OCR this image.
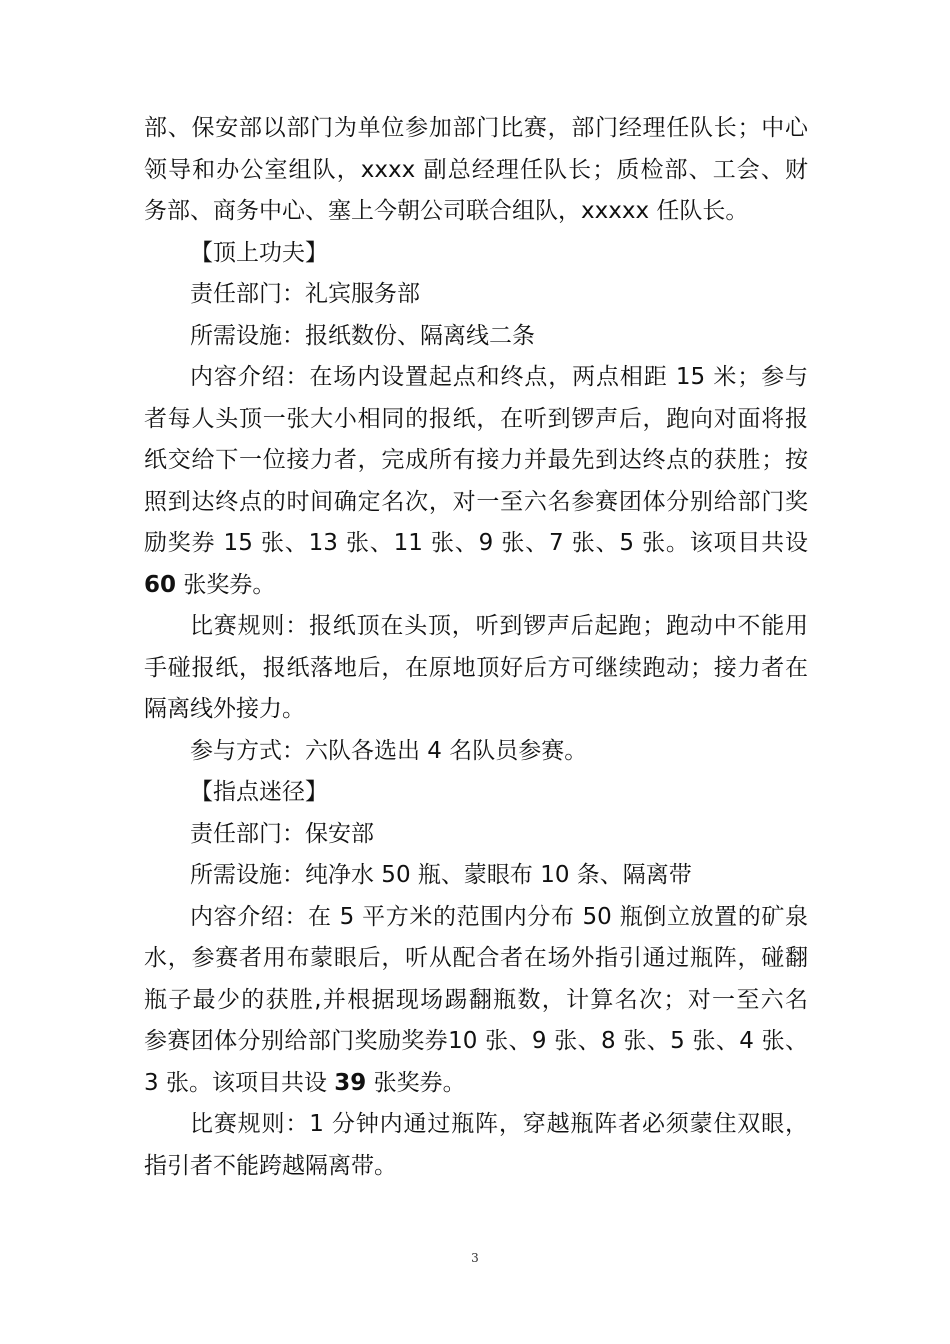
部、保安部以部门为单位参加部门比赛，部门经理任队长；中心
领导和办公室组队，xxxx 副总经理任队长；质检部、工会、财
务部、商务中心、塞上今朝公司联合组队，xxxxx 任队长。
【顶上功夫】
责任部门：礼宾服务部
所需设施：报纸数份、隔离线二条
内容介绍：在场内设置起点和终点，两点相距 15 米；参与
者每人头顶一张大小相同的报纸，在听到锣声后，跑向对面将报
纸交给下一位接力者，完成所有接力并最先到达终点的获胜；按
照到达终点的时间确定名次，对一至六名参赛团体分别给部门奖
励奖券 15 张、13 张、11 张、9 张、7 张、5 张。该项目共设
60 张奖券。
比赛规则：报纸顶在头顶，听到锣声后起跑；跑动中不能用
手碰报纸，报纸落地后，在原地顶好后方可继续跑动；接力者在
隔离线外接力。
参与方式：六队各选出 4 名队员参赛。
【指点迷径】
责任部门：保安部
所需设施：纯净水 50 瓶、蒙眼布 10 条、隔离带
内容介绍：在 5 平方米的范围内分布 50 瓶倒立放置的矿泉
水，参赛者用布蒙眼后，听从配合者在场外指引通过瓶阵，碰翻
瓶子最少的获胜,并根据现场踢翻瓶数，计算名次；对一至六名
参赛团体分别给部门奖励奖券10 张、9 张、8 张、5 张、4 张、
3 张。该项目共设 39 张奖券。
比赛规则：1 分钟内通过瓶阵，穿越瓶阵者必须蒙住双眼，
指引者不能跨越隔离带。
3
